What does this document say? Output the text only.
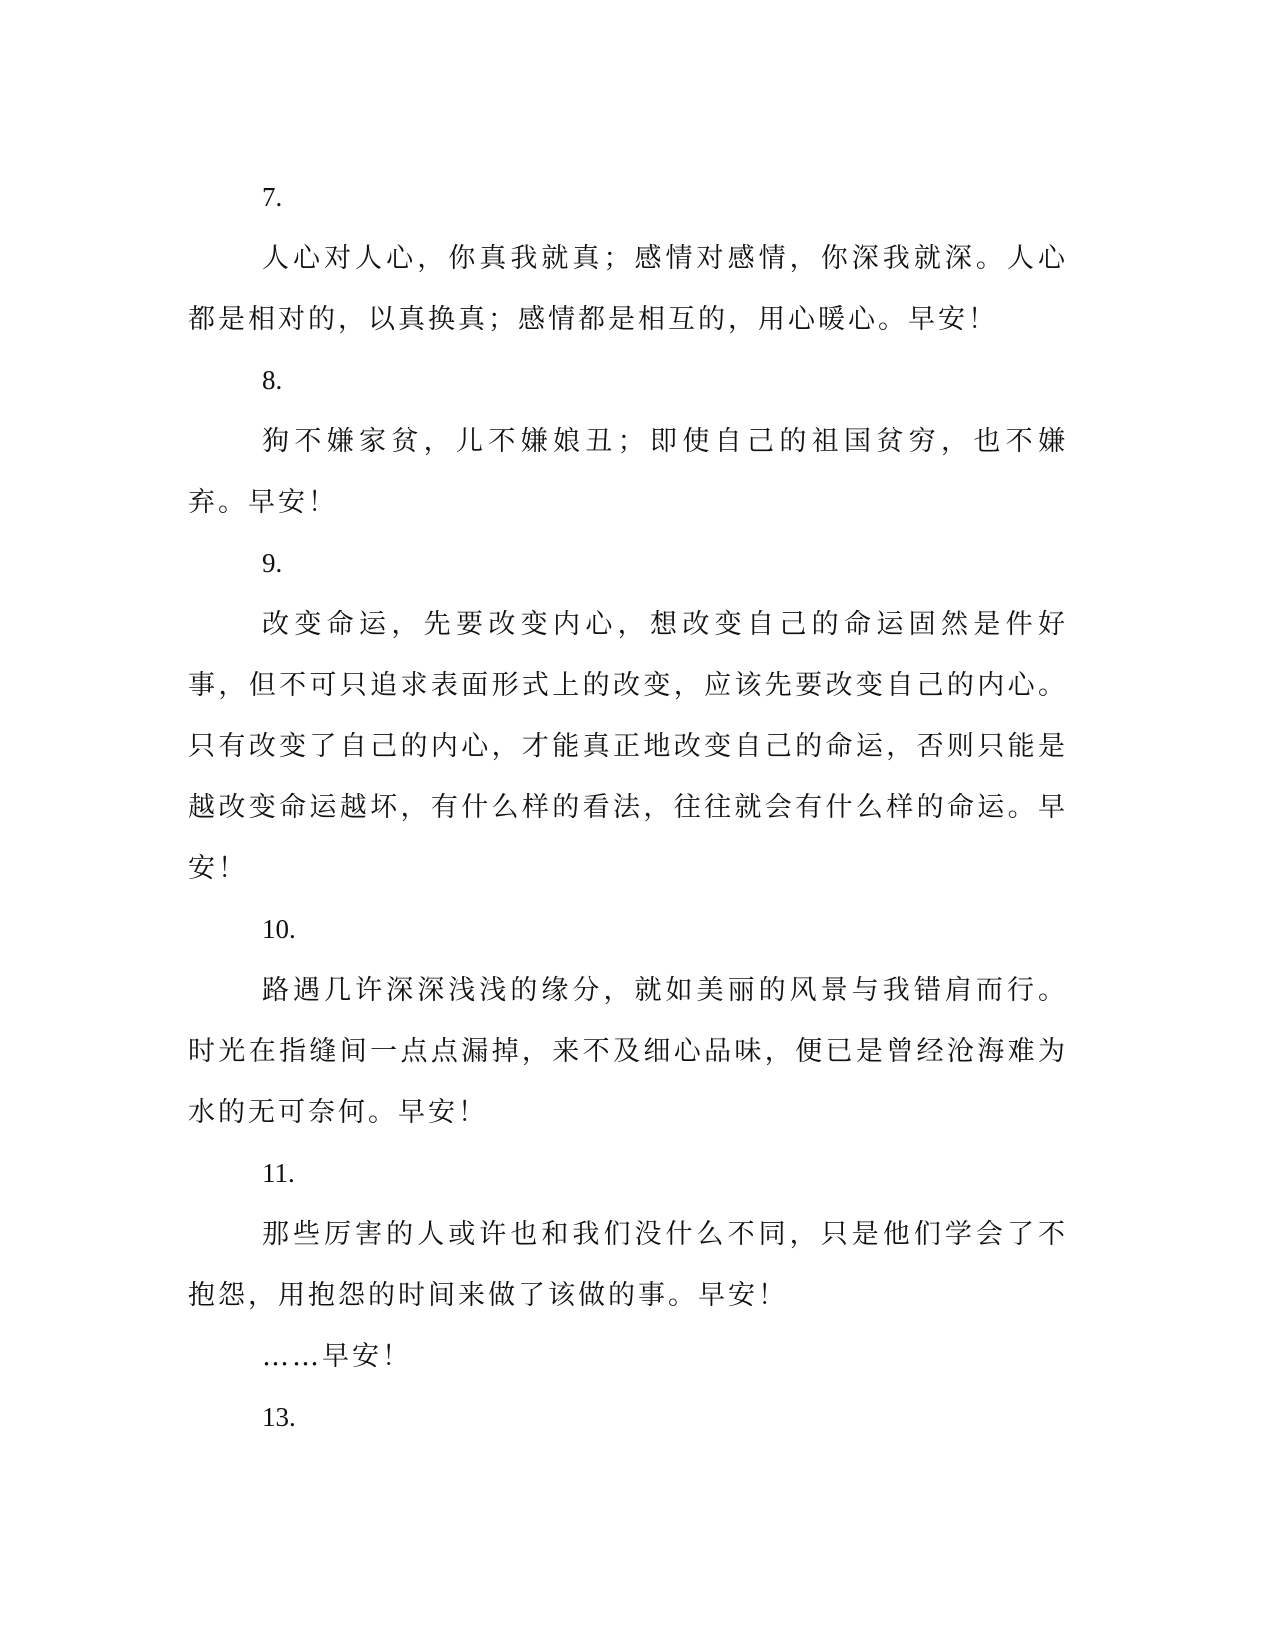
7.

人心对人心，你真我就真；感情对感情，你深我就深。人心都是相对的，以真换真；感情都是相互的，用心暖心。早安！

8.

狗不嫌家贫，儿不嫌娘丑；即使自己的祖国贫穷，也不嫌弃。早安！

9.

改变命运，先要改变内心，想改变自己的命运固然是件好事，但不可只追求表面形式上的改变，应该先要改变自己的内心。只有改变了自己的内心，才能真正地改变自己的命运，否则只能是越改变命运越坏，有什么样的看法，往往就会有什么样的命运。早安！

10.

路遇几许深深浅浅的缘分，就如美丽的风景与我错肩而行。时光在指缝间一点点漏掉，来不及细心品味，便已是曾经沧海难为水的无可奈何。早安！

11.

那些厉害的人或许也和我们没什么不同，只是他们学会了不抱怨，用抱怨的时间来做了该做的事。早安！

……早安！

13.
